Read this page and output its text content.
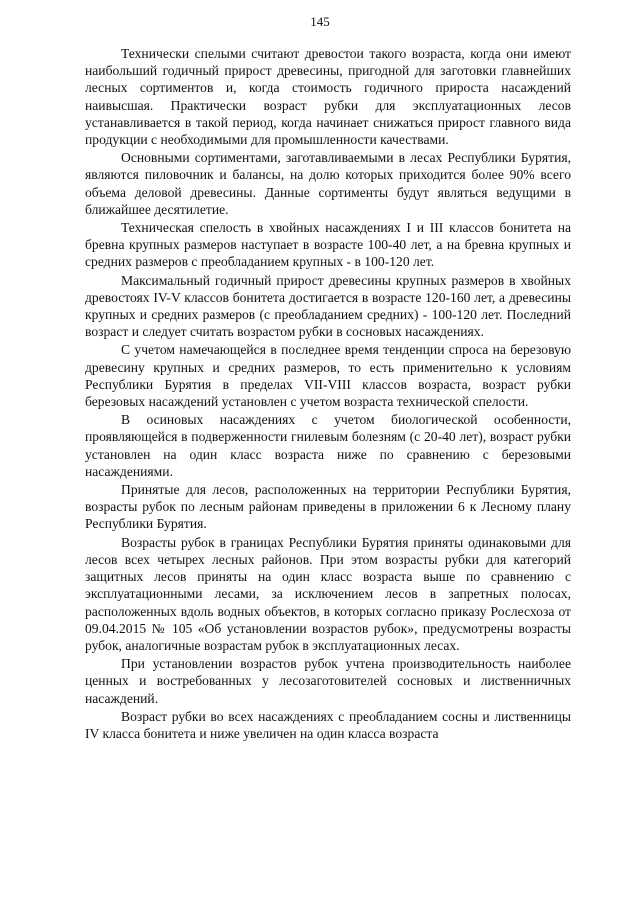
145

Технически спелыми считают древостои такого возраста, когда они имеют наибольший годичный прирост древесины, пригодной для заготовки главнейших лесных сортиментов и, когда стоимость годичного прироста насаждений наивысшая. Практически возраст рубки для эксплуатационных лесов устанавливается в такой период, когда начинает снижаться прирост главного вида продукции с необходимыми для промышленности качествами.

Основными сортиментами, заготавливаемыми в лесах Республики Бурятия, являются пиловочник и балансы, на долю которых приходится более 90% всего объема деловой древесины. Данные сортименты будут являться ведущими в ближайшее десятилетие.

Техническая спелость в хвойных насаждениях I и III классов бонитета на бревна крупных размеров наступает в возрасте 100-40 лет, а на бревна крупных и средних размеров с преобладанием крупных - в 100-120 лет.

Максимальный годичный прирост древесины крупных размеров в хвойных древостоях IV-V классов бонитета достигается в возрасте 120-160 лет, а древесины крупных и средних размеров (с преобладанием средних) - 100-120 лет. Последний возраст и следует считать возрастом рубки в сосновых насаждениях.

С учетом намечающейся в последнее время тенденции спроса на березовую древесину крупных и средних размеров, то есть применительно к условиям Республики Бурятия в пределах VII-VIII классов возраста, возраст рубки березовых насаждений установлен с учетом возраста технической спелости.

В осиновых насаждениях с учетом биологической особенности, проявляющейся в подверженности гнилевым болезням (с 20-40 лет), возраст рубки установлен на один класс возраста ниже по сравнению с березовыми насаждениями.

Принятые для лесов, расположенных на территории Республики Бурятия, возрасты рубок по лесным районам приведены в приложении 6 к Лесному плану Республики Бурятия.

Возрасты рубок в границах Республики Бурятия приняты одинаковыми для лесов всех четырех лесных районов. При этом возрасты рубки для категорий защитных лесов приняты на один класс возраста выше по сравнению с эксплуатационными лесами, за исключением лесов в запретных полосах, расположенных вдоль водных объектов, в которых согласно приказу Рослесхоза от 09.04.2015 № 105 «Об установлении возрастов рубок», предусмотрены возрасты рубок, аналогичные возрастам рубок в эксплуатационных лесах.

При установлении возрастов рубок учтена производительность наиболее ценных и востребованных у лесозаготовителей сосновых и лиственничных насаждений.

Возраст рубки во всех насаждениях с преобладанием сосны и лиственницы IV класса бонитета и ниже увеличен на один класса возраста
